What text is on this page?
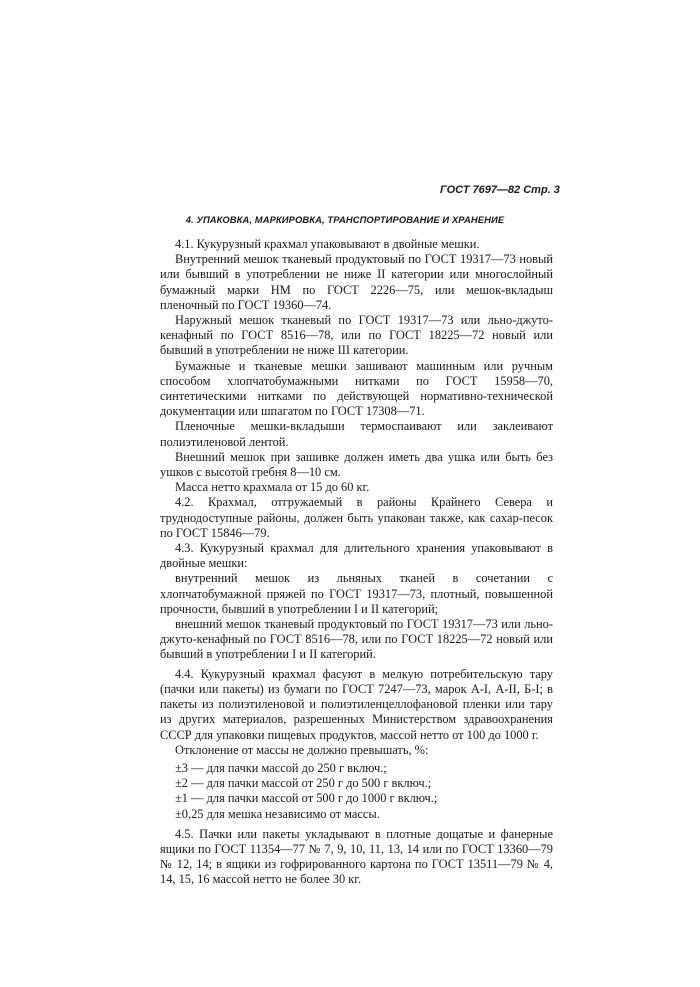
ГОСТ 7697—82 Стр. 3
4. УПАКОВКА, МАРКИРОВКА, ТРАНСПОРТИРОВАНИЕ И ХРАНЕНИЕ

4.1. Кукурузный крахмал упаковывают в двойные мешки.

Внутренний мешок тканевый продуктовый по ГОСТ 19317—73 новый или бывший в употреблении не ниже II категории или многослойный бумажный марки НМ по ГОСТ 2226—75, или мешок-вкладыш пленочный по ГОСТ 19360—74.

Наружный мешок тканевый по ГОСТ 19317—73 или льно-джуто-кенафный по ГОСТ 8516—78, или по ГОСТ 18225—72 новый или бывший в употреблении не ниже III категории.

Бумажные и тканевые мешки зашивают машинным или ручным способом хлопчатобумажными нитками по ГОСТ 15958—70, синтетическими нитками по действующей нормативно-технической документации или шпагатом по ГОСТ 17308—71.

Пленочные мешки-вкладыши термоспаивают или заклеивают полиэтиленовой лентой.

Внешний мешок при зашивке должен иметь два ушка или быть без ушков с высотой гребня 8—10 см.

Масса нетто крахмала от 15 до 60 кг.

4.2. Крахмал, отгружаемый в районы Крайнего Севера и труднодоступные районы, должен быть упакован также, как сахар-песок по ГОСТ 15846—79.

4.3. Кукурузный крахмал для длительного хранения упаковывают в двойные мешки:

внутренний мешок из льняных тканей в сочетании с хлопчатобумажной пряжей по ГОСТ 19317—73, плотный, повышенной прочности, бывший в употреблении I и II категорий;

внешний мешок тканевый продуктовый по ГОСТ 19317—73 или льно-джуто-кенафный по ГОСТ 8516—78, или по ГОСТ 18225—72 новый или бывший в употреблении I и II категорий.

4.4. Кукурузный крахмал фасуют в мелкую потребительскую тару (пачки или пакеты) из бумаги по ГОСТ 7247—73, марок А-I, А-II, Б-I; в пакеты из полиэтиленовой и полиэтиленцеллофановой пленки или тару из других материалов, разрешенных Министерством здравоохранения СССР для упаковки пищевых продуктов, массой нетто от 100 до 1000 г.

Отклонение от массы не должно превышать, %:

±3 — для пачки массой до 250 г включ.;

±2 — для пачки массой от 250 г до 500 г включ.;

±1 — для пачки массой от 500 г до 1000 г включ.;

±0,25 для мешка независимо от массы.

4.5. Пачки или пакеты укладывают в плотные дощатые и фанерные ящики по ГОСТ 11354—77 № 7, 9, 10, 11, 13, 14 или по ГОСТ 13360—79 № 12, 14; в ящики из гофрированного картона по ГОСТ 13511—79 № 4, 14, 15, 16 массой нетто не более 30 кг.
